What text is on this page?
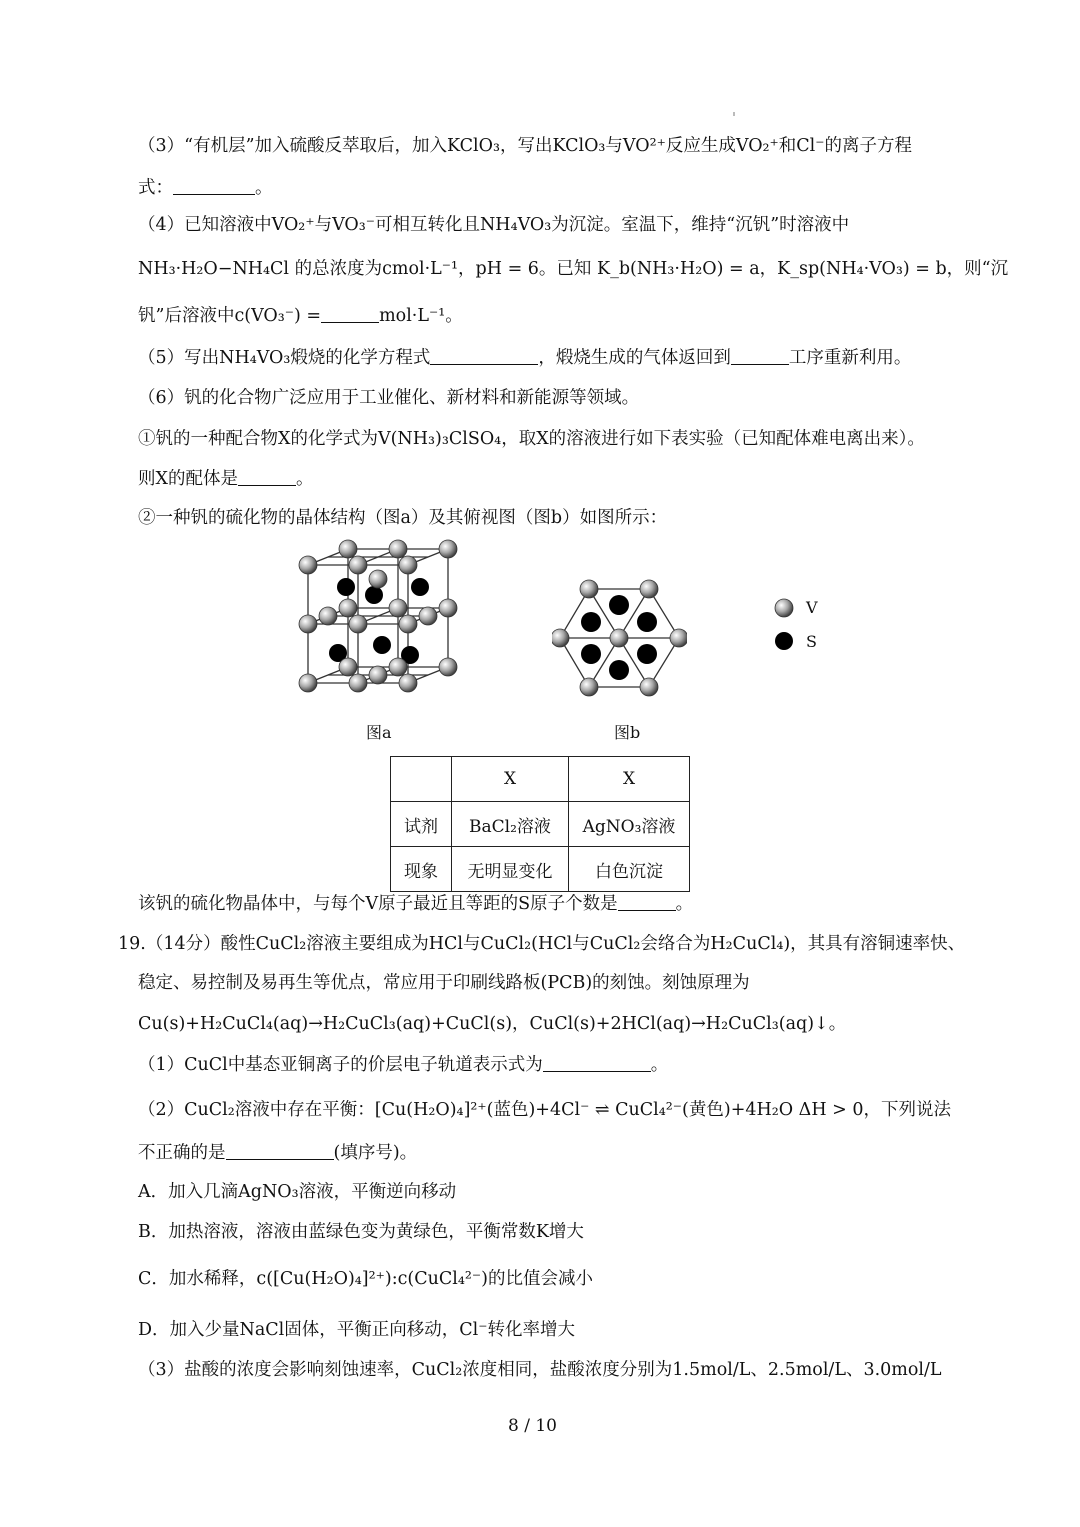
（3）“有机层”加入硫酸反萃取后，加入KClO₃，写出KClO₃与VO²⁺反应生成VO₂⁺和Cl⁻的离子方程
式：	。
（4）已知溶液中VO₂⁺与VO₃⁻可相互转化且NH₄VO₃为沉淀。室温下，维持“沉钒”时溶液中
NH₃·H₂O−NH₄Cl 的总浓度为cmol·L⁻¹，pH = 6。已知 K_b(NH₃·H₂O) = a，K_sp(NH₄·VO₃) = b，则“沉
钒”后溶液中c(VO₃⁻) =	mol·L⁻¹。
（5）写出NH₄VO₃煅烧的化学方程式	，煅烧生成的气体返回到	工序重新利用。
（6）钒的化合物广泛应用于工业催化、新材料和新能源等领域。
①钒的一种配合物X的化学式为V(NH₃)₃ClSO₄，取X的溶液进行如下表实验（已知配体难电离出来）。
则X的配体是	。
②一种钒的硫化物的晶体结构（图a）及其俯视图（图b）如图所示：
V
S
图a	图b
	X	X
试剂	BaCl₂溶液	AgNO₃溶液
现象	无明显变化	白色沉淀
该钒的硫化物晶体中，与每个V原子最近且等距的S原子个数是	。
19.（14分）酸性CuCl₂溶液主要组成为HCl与CuCl₂(HCl与CuCl₂会络合为H₂CuCl₄)，其具有溶铜速率快、
稳定、易控制及易再生等优点，常应用于印刷线路板(PCB)的刻蚀。刻蚀原理为
Cu(s)+H₂CuCl₄(aq)→H₂CuCl₃(aq)+CuCl(s)，CuCl(s)+2HCl(aq)→H₂CuCl₃(aq)↓。
（1）CuCl中基态亚铜离子的价层电子轨道表示式为	。
（2）CuCl₂溶液中存在平衡：[Cu(H₂O)₄]²⁺(蓝色)+4Cl⁻ ⇌ CuCl₄²⁻(黄色)+4H₂O ΔH > 0，下列说法
不正确的是	(填序号)。
A．加入几滴AgNO₃溶液，平衡逆向移动
B．加热溶液，溶液由蓝绿色变为黄绿色，平衡常数K增大
C．加水稀释，c([Cu(H₂O)₄]²⁺):c(CuCl₄²⁻)的比值会减小
D．加入少量NaCl固体，平衡正向移动，Cl⁻转化率增大
（3）盐酸的浓度会影响刻蚀速率，CuCl₂浓度相同，盐酸浓度分别为1.5mol/L、2.5mol/L、3.0mol/L
8 / 10
